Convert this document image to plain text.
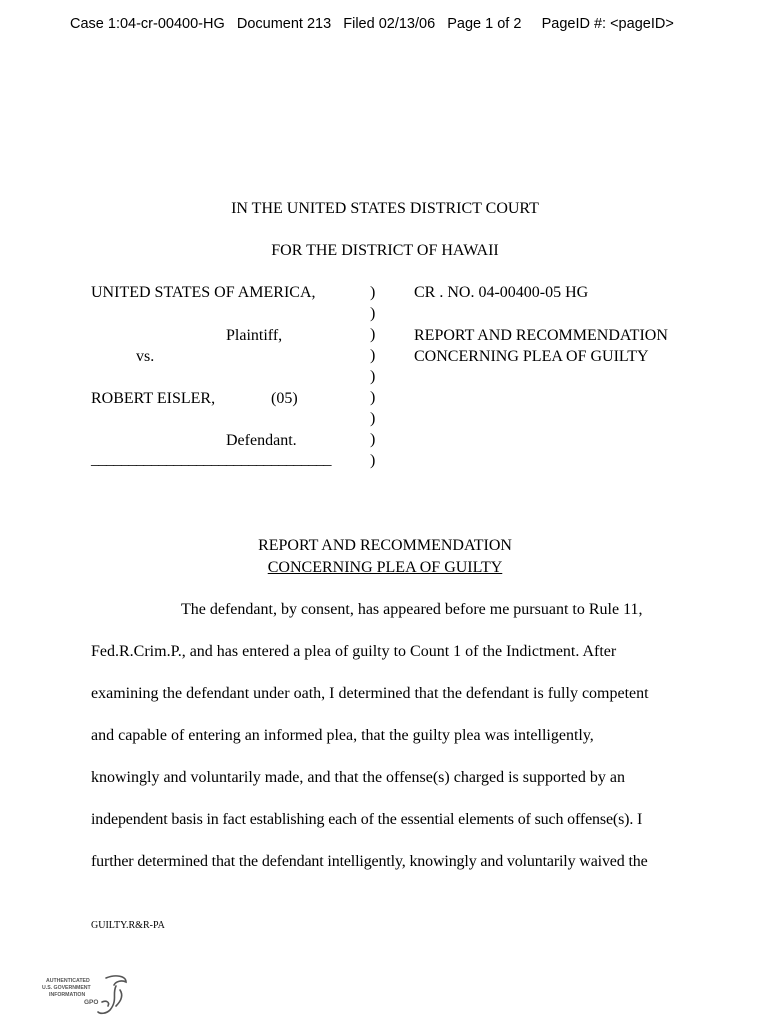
Case 1:04-cr-00400-HG Document 213 Filed 02/13/06 Page 1 of 2 PageID #: <pageID>
IN THE UNITED STATES DISTRICT COURT
FOR THE DISTRICT OF HAWAII
UNITED STATES OF AMERICA,
Plaintiff,
vs.
ROBERT EISLER,	(05)
Defendant.
________________________________
)
)
)
)
)
)
)
)
)
CR . NO. 04-00400-05 HG
REPORT AND RECOMMENDATION
CONCERNING PLEA OF GUILTY
REPORT AND RECOMMENDATION
CONCERNING PLEA OF GUILTY
The defendant, by consent, has appeared before me pursuant to Rule 11,
Fed.R.Crim.P., and has entered a plea of guilty to Count 1 of the Indictment. After
examining the defendant under oath, I determined that the defendant is fully competent
and capable of entering an informed plea, that the guilty plea was intelligently,
knowingly and voluntarily made, and that the offense(s) charged is supported by an
independent basis in fact establishing each of the essential elements of such offense(s). I
further determined that the defendant intelligently, knowingly and voluntarily waived the
GUILTY.R&R-PA
AUTHENTICATED
U.S. GOVERNMENT
INFORMATION
GPO
